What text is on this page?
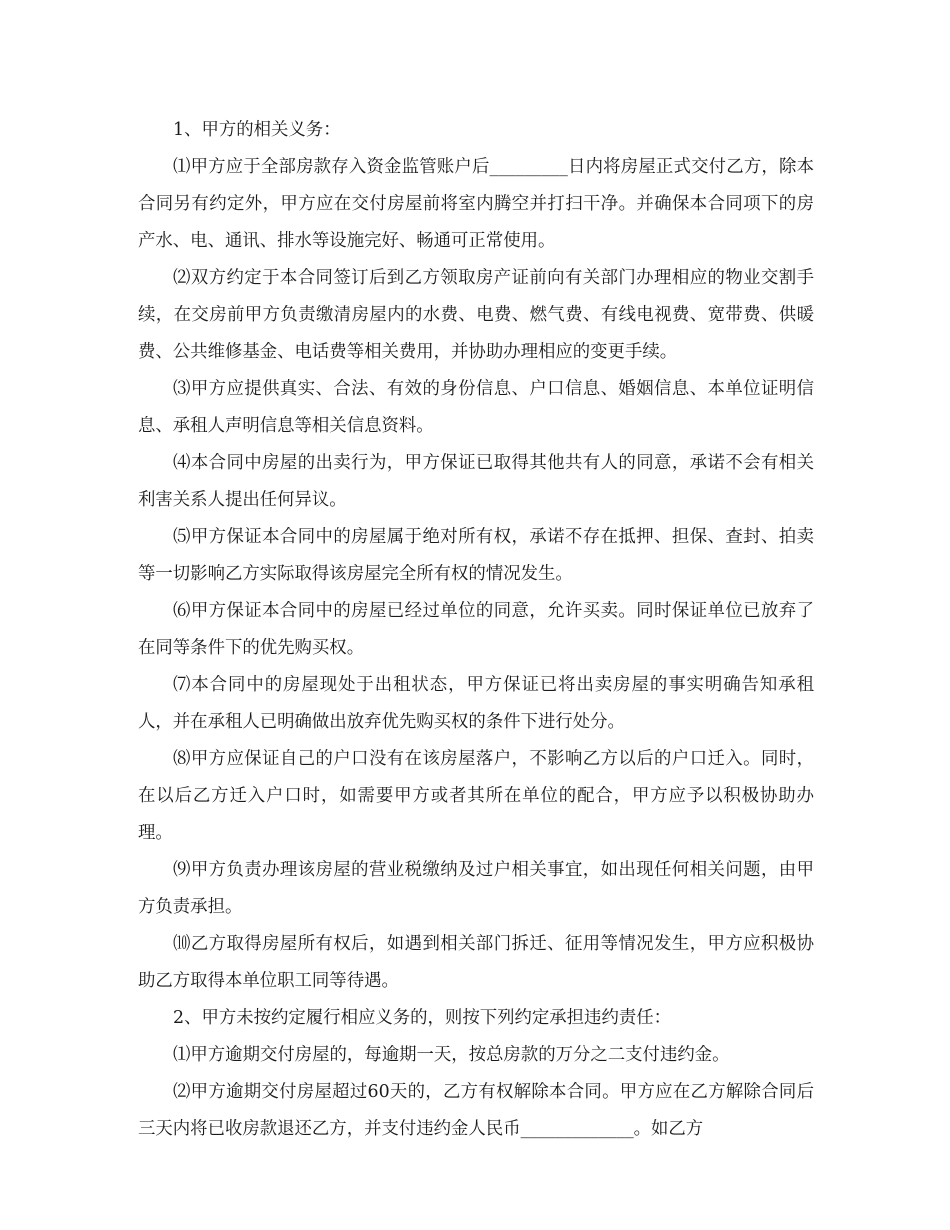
1、甲方的相关义务：

⑴甲方应于全部房款存入资金监管账户后_________日内将房屋正式交付乙方，除本合同另有约定外，甲方应在交付房屋前将室内腾空并打扫干净。并确保本合同项下的房产水、电、通讯、排水等设施完好、畅通可正常使用。

⑵双方约定于本合同签订后到乙方领取房产证前向有关部门办理相应的物业交割手续，在交房前甲方负责缴清房屋内的水费、电费、燃气费、有线电视费、宽带费、供暖费、公共维修基金、电话费等相关费用，并协助办理相应的变更手续。

⑶甲方应提供真实、合法、有效的身份信息、户口信息、婚姻信息、本单位证明信息、承租人声明信息等相关信息资料。

⑷本合同中房屋的出卖行为，甲方保证已取得其他共有人的同意，承诺不会有相关利害关系人提出任何异议。

⑸甲方保证本合同中的房屋属于绝对所有权，承诺不存在抵押、担保、查封、拍卖等一切影响乙方实际取得该房屋完全所有权的情况发生。

⑹甲方保证本合同中的房屋已经过单位的同意，允许买卖。同时保证单位已放弃了在同等条件下的优先购买权。

⑺本合同中的房屋现处于出租状态，甲方保证已将出卖房屋的事实明确告知承租人，并在承租人已明确做出放弃优先购买权的条件下进行处分。

⑻甲方应保证自己的户口没有在该房屋落户，不影响乙方以后的户口迁入。同时，在以后乙方迁入户口时，如需要甲方或者其所在单位的配合，甲方应予以积极协助办理。

⑼甲方负责办理该房屋的营业税缴纳及过户相关事宜，如出现任何相关问题，由甲方负责承担。

⑽乙方取得房屋所有权后，如遇到相关部门拆迁、征用等情况发生，甲方应积极协助乙方取得本单位职工同等待遇。

2、甲方未按约定履行相应义务的，则按下列约定承担违约责任：

⑴甲方逾期交付房屋的，每逾期一天，按总房款的万分之二支付违约金。

⑵甲方逾期交付房屋超过60天的，乙方有权解除本合同。甲方应在乙方解除合同后三天内将已收房款退还乙方，并支付违约金人民币_____________。如乙方
